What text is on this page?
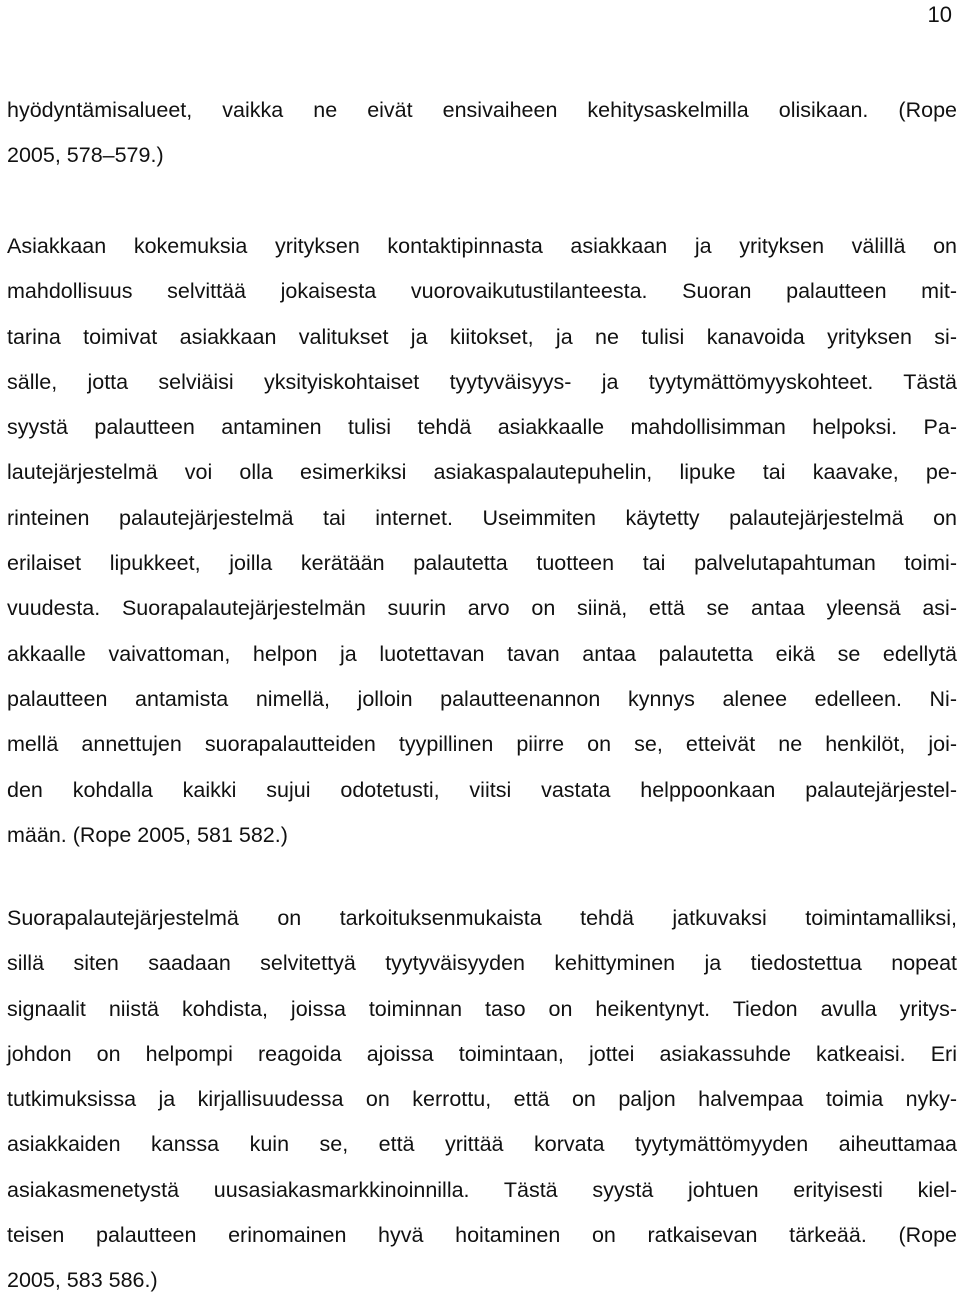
10
hyödyntämisalueet, vaikka ne eivät ensivaiheen kehitysaskelmilla olisikaan. (Rope
2005, 578–579.)
Asiakkaan kokemuksia yrityksen kontaktipinnasta asiakkaan ja yrityksen välillä on
mahdollisuus selvittää jokaisesta vuorovaikutustilanteesta. Suoran palautteen mit-
tarina toimivat asiakkaan valitukset ja kiitokset, ja ne tulisi kanavoida yrityksen si-
sälle, jotta selviäisi yksityiskohtaiset tyytyväisyys- ja tyytymättömyyskohteet. Tästä
syystä palautteen antaminen tulisi tehdä asiakkaalle mahdollisimman helpoksi. Pa-
lautejärjestelmä voi olla esimerkiksi asiakaspalautepuhelin, lipuke tai kaavake, pe-
rinteinen palautejärjestelmä tai internet. Useimmiten käytetty palautejärjestelmä on
erilaiset lipukkeet, joilla kerätään palautetta tuotteen tai palvelutapahtuman toimi-
vuudesta. Suorapalautejärjestelmän suurin arvo on siinä, että se antaa yleensä asi-
akkaalle vaivattoman, helpon ja luotettavan tavan antaa palautetta eikä se edellytä
palautteen antamista nimellä, jolloin palautteenannon kynnys alenee edelleen. Ni-
mellä annettujen suorapalautteiden tyypillinen piirre on se, etteivät ne henkilöt, joi-
den kohdalla kaikki sujui odotetusti, viitsi vastata helppoonkaan palautejärjestel-
mään. (Rope 2005, 581 582.)
Suorapalautejärjestelmä on tarkoituksenmukaista tehdä jatkuvaksi toimintamalliksi,
sillä siten saadaan selvitettyä tyytyväisyyden kehittyminen ja tiedostettua nopeat
signaalit niistä kohdista, joissa toiminnan taso on heikentynyt. Tiedon avulla yritys-
johdon on helpompi reagoida ajoissa toimintaan, jottei asiakassuhde katkeaisi. Eri
tutkimuksissa ja kirjallisuudessa on kerrottu, että on paljon halvempaa toimia nyky-
asiakkaiden kanssa kuin se, että yrittää korvata tyytymättömyyden aiheuttamaa
asiakasmenetystä uusasiakasmarkkinoinnilla. Tästä syystä johtuen erityisesti kiel-
teisen palautteen erinomainen hyvä hoitaminen on ratkaisevan tärkeää. (Rope
2005, 583 586.)
